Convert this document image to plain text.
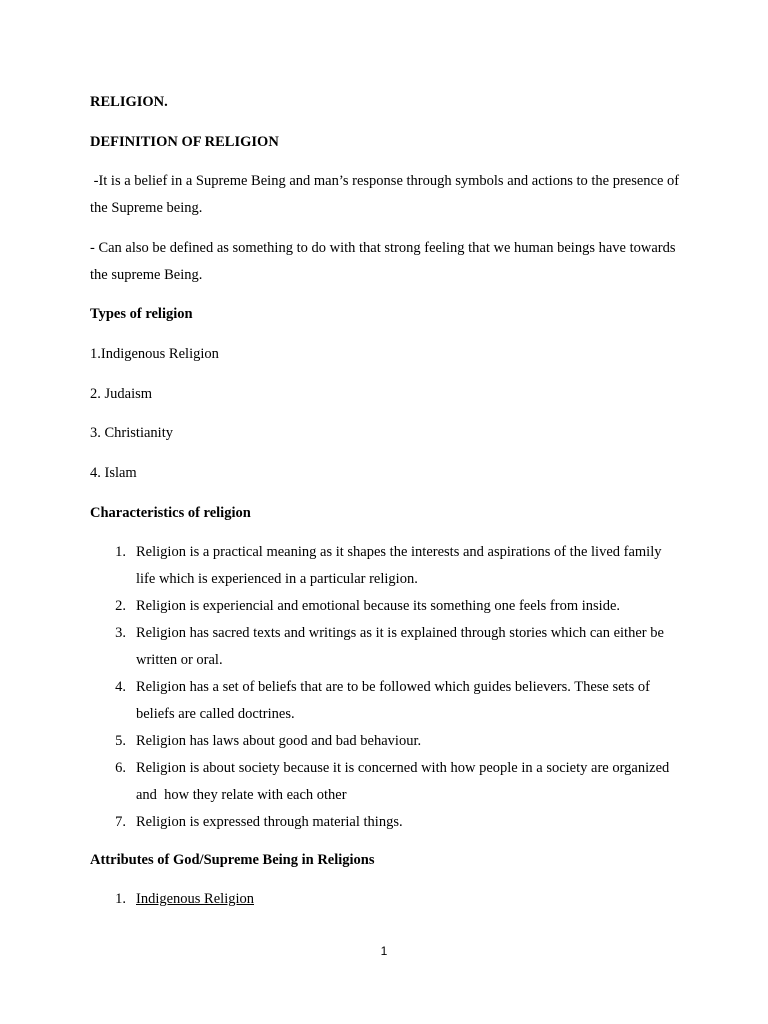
RELIGION.

DEFINITION OF RELIGION

-It is a belief in a Supreme Being and man’s response through symbols and actions to the presence of the Supreme being.

- Can also be defined as something to do with that strong feeling that we human beings have towards the supreme Being.

Types of religion

1.Indigenous Religion

2. Judaism

3. Christianity

4. Islam

Characteristics of religion

1. Religion is a practical meaning as it shapes the interests and aspirations of the lived family life which is experienced in a particular religion.
2. Religion is experiencial and emotional because its something one feels from inside.
3. Religion has sacred texts and writings as it is explained through stories which can either be written or oral.
4. Religion has a set of beliefs that are to be followed which guides believers. These sets of beliefs are called doctrines.
5. Religion has laws about good and bad behaviour.
6. Religion is about society because it is concerned with how people in a society are organized and  how they relate with each other
7. Religion is expressed through material things.

Attributes of God/Supreme Being in Religions

1. Indigenous Religion
1
